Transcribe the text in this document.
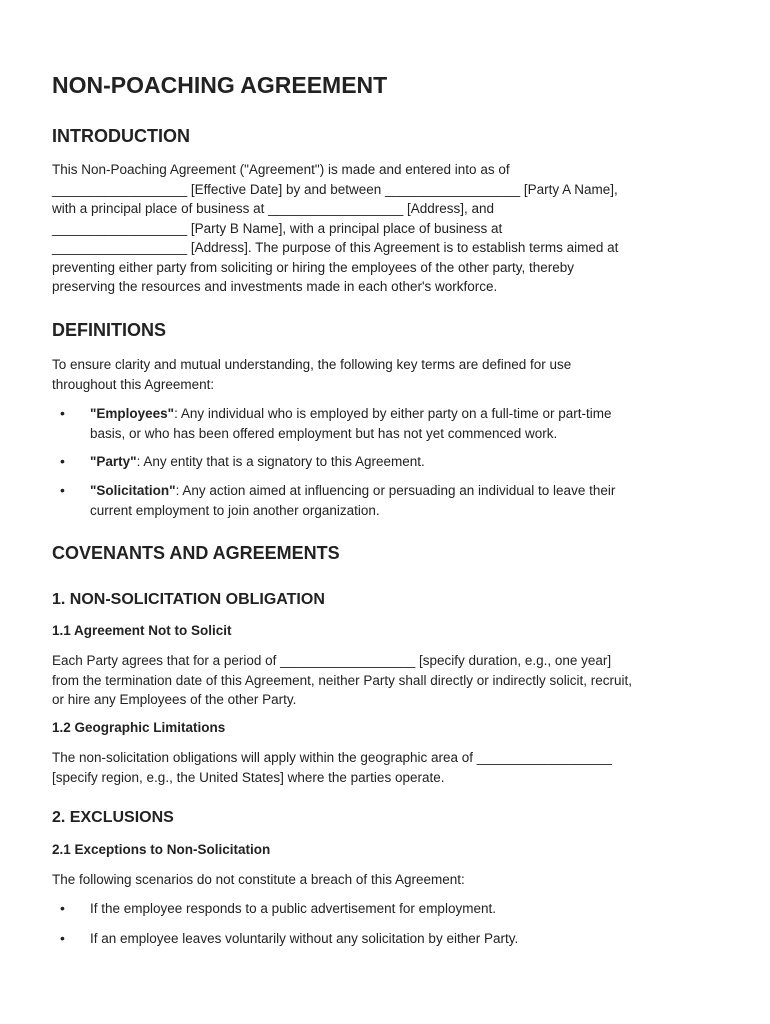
NON-POACHING AGREEMENT
INTRODUCTION
This Non-Poaching Agreement ("Agreement") is made and entered into as of
__________________ [Effective Date] by and between __________________ [Party A Name],
with a principal place of business at __________________ [Address], and
__________________ [Party B Name], with a principal place of business at
__________________ [Address]. The purpose of this Agreement is to establish terms aimed at
preventing either party from soliciting or hiring the employees of the other party, thereby
preserving the resources and investments made in each other's workforce.
DEFINITIONS
To ensure clarity and mutual understanding, the following key terms are defined for use
throughout this Agreement:
• "Employees": Any individual who is employed by either party on a full-time or part-time
basis, or who has been offered employment but has not yet commenced work.
• "Party": Any entity that is a signatory to this Agreement.
• "Solicitation": Any action aimed at influencing or persuading an individual to leave their
current employment to join another organization.
COVENANTS AND AGREEMENTS
1. NON-SOLICITATION OBLIGATION
1.1 Agreement Not to Solicit
Each Party agrees that for a period of __________________ [specify duration, e.g., one year]
from the termination date of this Agreement, neither Party shall directly or indirectly solicit, recruit,
or hire any Employees of the other Party.
1.2 Geographic Limitations
The non-solicitation obligations will apply within the geographic area of __________________
[specify region, e.g., the United States] where the parties operate.
2. EXCLUSIONS
2.1 Exceptions to Non-Solicitation
The following scenarios do not constitute a breach of this Agreement:
• If the employee responds to a public advertisement for employment.
• If an employee leaves voluntarily without any solicitation by either Party.
